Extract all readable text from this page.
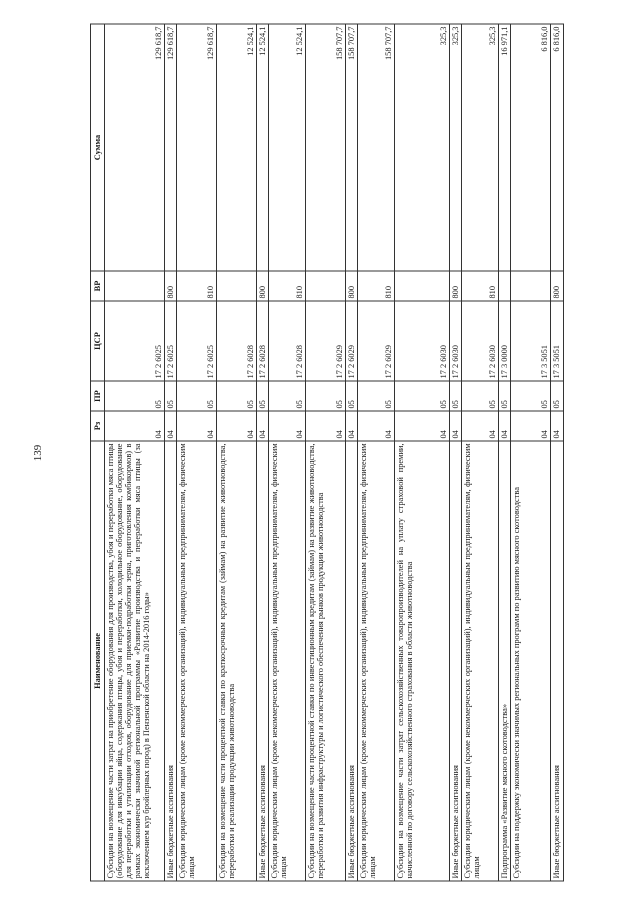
139
Наименование	Рз	ПР	ЦСР	ВР	Сумма
Субсидии на возмещение части затрат на приобретение оборудования для производства, убоя и переработки мяса птицы (оборудование для инкубации яйца, содержания птицы, убоя и переработки, холодильное оборудование, оборудование для переработки и утилизации отходов, оборудование для приемки-подработки зерна, приготовления комбикормов) в рамках экономически значимой региональной программы «Развитие производства и переработки мяса птицы (за исключением кур бройлерных пород) в Пензенской области на 2014-2016 годы»	04	05	17 2 6025		129 618,7
Иные бюджетные ассигнования	04	05	17 2 6025	800	129 618,7
Субсидии юридическим лицам (кроме некоммерческих организаций), индивидуальным предпринимателям, физическим лицам	04	05	17 2 6025	810	129 618,7
Субсидии на возмещение части процентной ставки по краткосрочным кредитам (займам) на развитие животноводства, переработки и реализации продукции животноводства	04	05	17 2 6028		12 524,1
Иные бюджетные ассигнования	04	05	17 2 6028	800	12 524,1
Субсидии юридическим лицам (кроме некоммерческих организаций), индивидуальным предпринимателям, физическим лицам	04	05	17 2 6028	810	12 524,1
Субсидии на возмещение части процентной ставки по инвестиционным кредитам (займам) на развитие животноводства, переработки и развития инфраструктуры и логистического обеспечения рынков продукции животноводства	04	05	17 2 6029		158 707,7
Иные бюджетные ассигнования	04	05	17 2 6029	800	158 707,7
Субсидии юридическим лицам (кроме некоммерческих организаций), индивидуальным предпринимателям, физическим лицам	04	05	17 2 6029	810	158 707,7
Субсидии на возмещение части затрат сельскохозяйственных товаропроизводителей на уплату страховой премии, начисленной по договору сельскохозяйственного страхования в области животноводства	04	05	17 2 6030		325,3
Иные бюджетные ассигнования	04	05	17 2 6030	800	325,3
Субсидии юридическим лицам (кроме некоммерческих организаций), индивидуальным предпринимателям, физическим лицам	04	05	17 2 6030	810	325,3
Подпрограмма «Развитие мясного скотоводства»	04	05	17 3 0000		16 971,1
Субсидии на поддержку экономически значимых региональных программ по развитию мясного скотоводства	04	05	17 3 5051		6 816,0
Иные бюджетные ассигнования	04	05	17 3 5051	800	6 816,0
